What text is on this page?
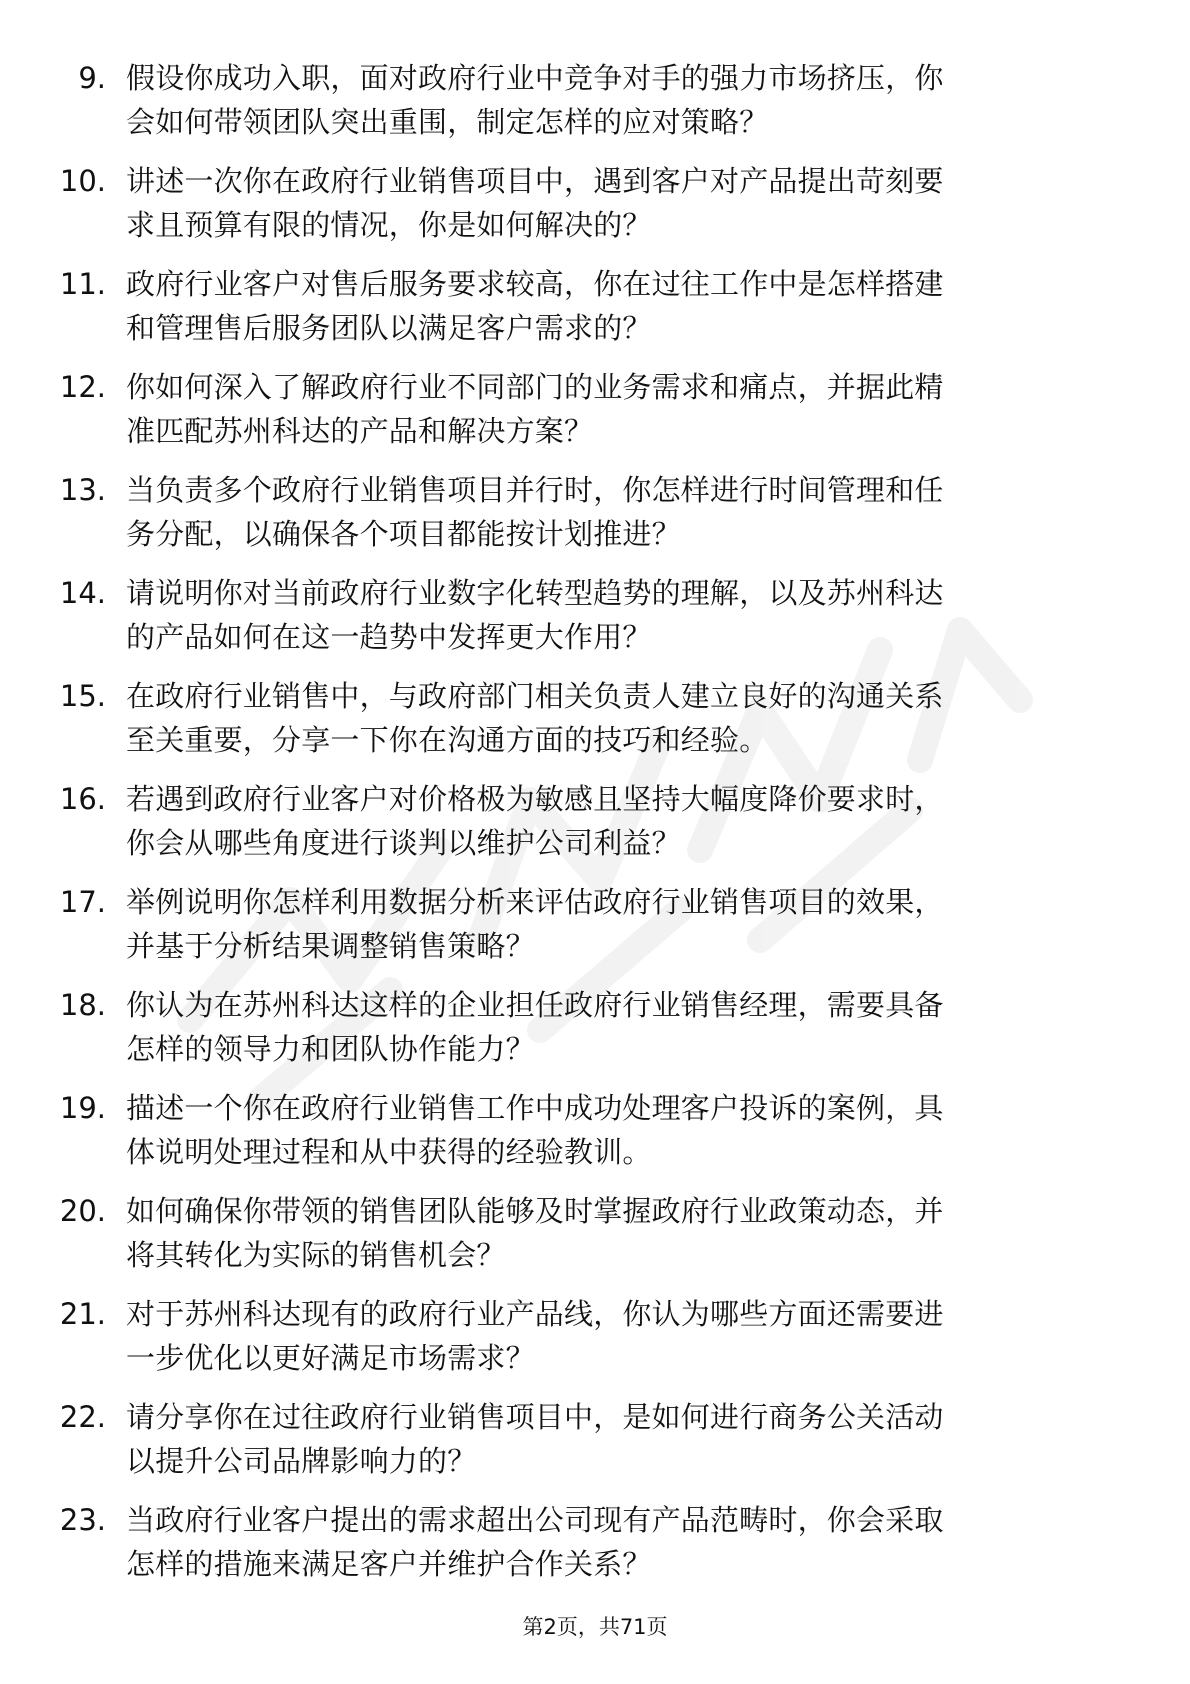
9. 假设你成功入职，面对政府行业中竞争对手的强力市场挤压，你
会如何带领团队突出重围，制定怎样的应对策略？
10. 讲述一次你在政府行业销售项目中，遇到客户对产品提出苛刻要
求且预算有限的情况，你是如何解决的？
11. 政府行业客户对售后服务要求较高，你在过往工作中是怎样搭建
和管理售后服务团队以满足客户需求的？
12. 你如何深入了解政府行业不同部门的业务需求和痛点，并据此精
准匹配苏州科达的产品和解决方案？
13. 当负责多个政府行业销售项目并行时，你怎样进行时间管理和任
务分配，以确保各个项目都能按计划推进？
14. 请说明你对当前政府行业数字化转型趋势的理解，以及苏州科达
的产品如何在这一趋势中发挥更大作用？
15. 在政府行业销售中，与政府部门相关负责人建立良好的沟通关系
至关重要，分享一下你在沟通方面的技巧和经验。
16. 若遇到政府行业客户对价格极为敏感且坚持大幅度降价要求时，
你会从哪些角度进行谈判以维护公司利益？
17. 举例说明你怎样利用数据分析来评估政府行业销售项目的效果，
并基于分析结果调整销售策略？
18. 你认为在苏州科达这样的企业担任政府行业销售经理，需要具备
怎样的领导力和团队协作能力？
19. 描述一个你在政府行业销售工作中成功处理客户投诉的案例，具
体说明处理过程和从中获得的经验教训。
20. 如何确保你带领的销售团队能够及时掌握政府行业政策动态，并
将其转化为实际的销售机会？
21. 对于苏州科达现有的政府行业产品线，你认为哪些方面还需要进
一步优化以更好满足市场需求？
22. 请分享你在过往政府行业销售项目中，是如何进行商务公关活动
以提升公司品牌影响力的？
23. 当政府行业客户提出的需求超出公司现有产品范畴时，你会采取
怎样的措施来满足客户并维护合作关系？
第2页，共71页
